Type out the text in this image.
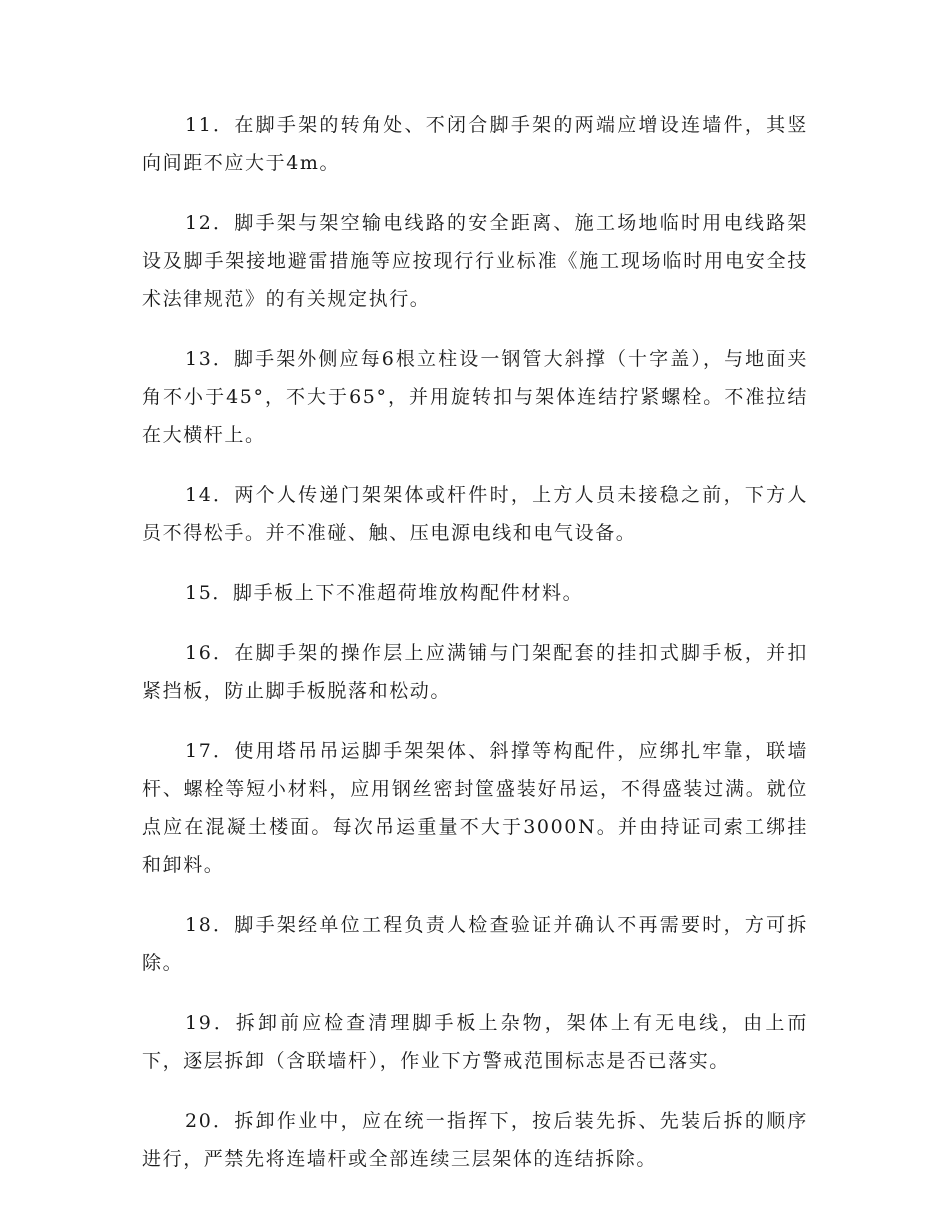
11．在脚手架的转角处、不闭合脚手架的两端应增设连墙件，其竖向间距不应大于4m。

12．脚手架与架空输电线路的安全距离、施工场地临时用电线路架设及脚手架接地避雷措施等应按现行行业标准《施工现场临时用电安全技术法律规范》的有关规定执行。

13．脚手架外侧应每6根立柱设一钢管大斜撑（十字盖），与地面夹角不小于45°，不大于65°，并用旋转扣与架体连结拧紧螺栓。不准拉结在大横杆上。

14．两个人传递门架架体或杆件时，上方人员未接稳之前，下方人员不得松手。并不准碰、触、压电源电线和电气设备。

15．脚手板上下不准超荷堆放构配件材料。

16．在脚手架的操作层上应满铺与门架配套的挂扣式脚手板，并扣紧挡板，防止脚手板脱落和松动。

17．使用塔吊吊运脚手架架体、斜撑等构配件，应绑扎牢靠，联墙杆、螺栓等短小材料，应用钢丝密封筐盛装好吊运，不得盛装过满。就位点应在混凝土楼面。每次吊运重量不大于3000N。并由持证司索工绑挂和卸料。

18．脚手架经单位工程负责人检查验证并确认不再需要时，方可拆除。

19．拆卸前应检查清理脚手板上杂物，架体上有无电线，由上而下，逐层拆卸（含联墙杆），作业下方警戒范围标志是否已落实。

20．拆卸作业中，应在统一指挥下，按后装先拆、先装后拆的顺序进行，严禁先将连墙杆或全部连续三层架体的连结拆除。
